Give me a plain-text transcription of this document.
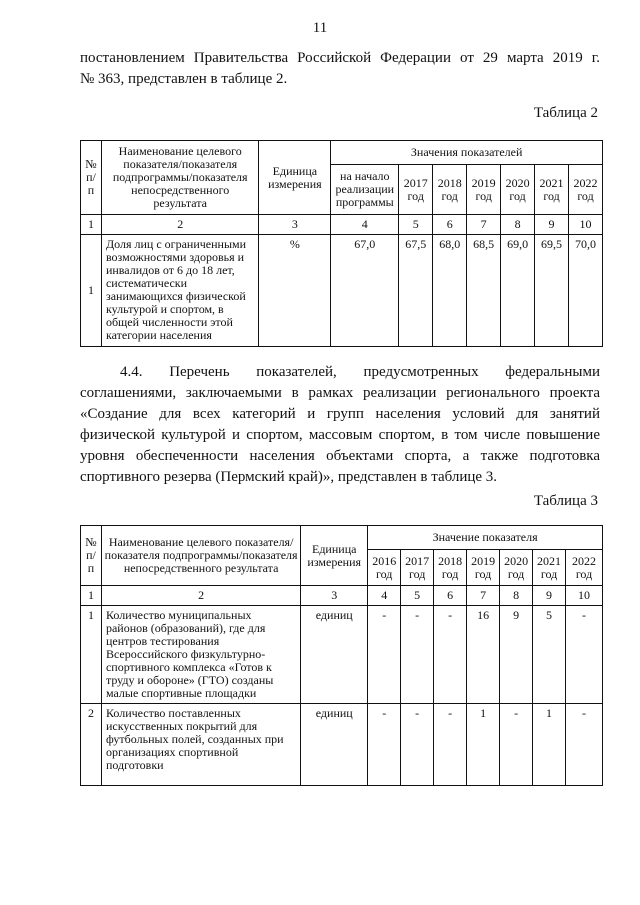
11
постановлением Правительства Российской Федерации от 29 марта 2019 г.
№ 363, представлен в таблице 2.
Таблица 2
№ п/п	Наименование целевого показателя/показателя подпрограммы/показателя непосредственного результата	Единица измерения	Значения показателей						
			на начало реализации программы	2017 год	2018 год	2019 год	2020 год	2021 год	2022 год
1	2	3	4	5	6	7	8	9	10
1	Доля лиц с ограниченными возможностями здоровья и инвалидов от 6 до 18 лет, систематически занимающихся физической культурой и спортом, в общей численности этой категории населения	%	67,0	67,5	68,0	68,5	69,0	69,5	70,0
4.4. Перечень показателей, предусмотренных федеральными
соглашениями, заключаемыми в рамках реализации регионального проекта
«Создание для всех категорий и групп населения условий для занятий
физической культурой и спортом, массовым спортом, в том числе повышение
уровня обеспеченности населения объектами спорта, а также подготовка
спортивного резерва (Пермский край)», представлен в таблице 3.
Таблица 3
№ п/п	Наименование целевого показателя/показателя подпрограммы/показателя непосредственного результата	Единица измерения	Значение показателя						
			2016 год	2017 год	2018 год	2019 год	2020 год	2021 год	2022 год
1	2	3	4	5	6	7	8	9	10
1	Количество муниципальных районов (образований), где для центров тестирования Всероссийского физкультурно-спортивного комплекса «Готов к труду и обороне» (ГТО) созданы малые спортивные площадки	единиц	-	-	-	16	9	5	-
2	Количество поставленных искусственных покрытий для футбольных полей, созданных при организациях спортивной подготовки	единиц	-	-	-	1	-	1	-
